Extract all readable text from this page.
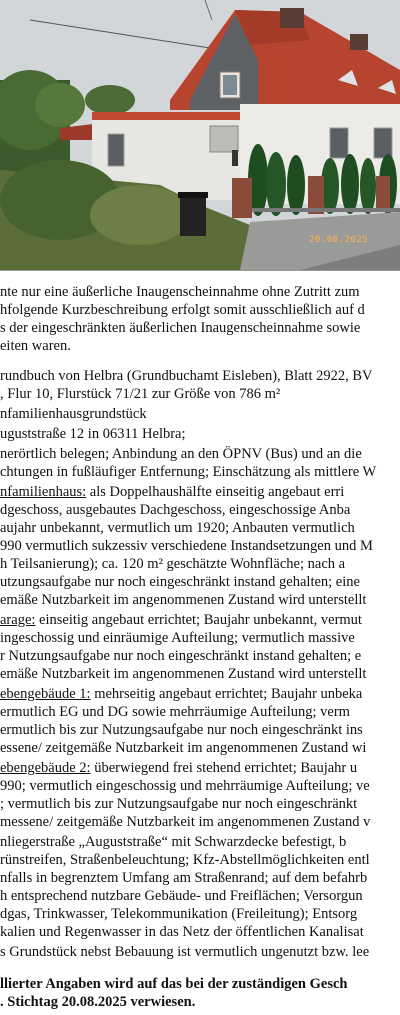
20.08.2025
nte nur eine äußerliche Inaugenscheinnahme ohne Zutritt zum
hfolgende Kurzbeschreibung erfolgt somit ausschließlich auf d
s der eingeschränkten äußerlichen Inaugenscheinnahme sowie
eiten waren.
rundbuch von Helbra (Grundbuchamt Eisleben), Blatt 2922, BV
, Flur 10, Flurstück 71/21 zur Größe von 786 m²
nfamilienhausgrundstück
uguststraße 12 in 06311 Helbra;
nerörtlich belegen; Anbindung an den ÖPNV (Bus) und an die
chtungen in fußläufiger Entfernung; Einschätzung als mittlere W
nfamilienhaus: als Doppelhaushälfte einseitig angebaut erri
dgeschoss, ausgebautes Dachgeschoss, eingeschossige Anba
aujahr unbekannt, vermutlich um 1920; Anbauten vermutlich
990 vermutlich sukzessiv verschiedene Instandsetzungen und M
h Teilsanierung); ca. 120 m² geschätzte Wohnfläche; nach a
utzungsaufgabe nur noch eingeschränkt instand gehalten; eine
emäße Nutzbarkeit im angenommenen Zustand wird unterstellt
arage: einseitig angebaut errichtet; Baujahr unbekannt, vermut
ingeschossig und einräumige Aufteilung; vermutlich massive
r Nutzungsaufgabe nur noch eingeschränkt instand gehalten; e
emäße Nutzbarkeit im angenommenen Zustand wird unterstellt
ebengebäude 1: mehrseitig angebaut errichtet; Baujahr unbeka
ermutlich EG und DG sowie mehrräumige Aufteilung; verm
ermutlich bis zur Nutzungsaufgabe nur noch eingeschränkt ins
essene/ zeitgemäße Nutzbarkeit im angenommenen Zustand wi
ebengebäude 2: überwiegend frei stehend errichtet; Baujahr u
990; vermutlich eingeschossig und mehrräumige Aufteilung; ve
; vermutlich bis zur Nutzungsaufgabe nur noch eingeschränkt
messene/ zeitgemäße Nutzbarkeit im angenommenen Zustand v
nliegerstraße „Auguststraße“ mit Schwarzdecke befestigt, b
rünstreifen, Straßenbeleuchtung; Kfz-Abstellmöglichkeiten entl
nfalls in begrenztem Umfang am Straßenrand; auf dem befahrb
h entsprechend nutzbare Gebäude- und Freiflächen; Versorgun
dgas, Trinkwasser, Telekommunikation (Freileitung); Entsorg
kalien und Regenwasser in das Netz der öffentlichen Kanalisat
s Grundstück nebst Bebauung ist vermutlich ungenutzt bzw. lee
llierter Angaben wird auf das bei der zuständigen Gesch
. Stichtag 20.08.2025 verwiesen.
